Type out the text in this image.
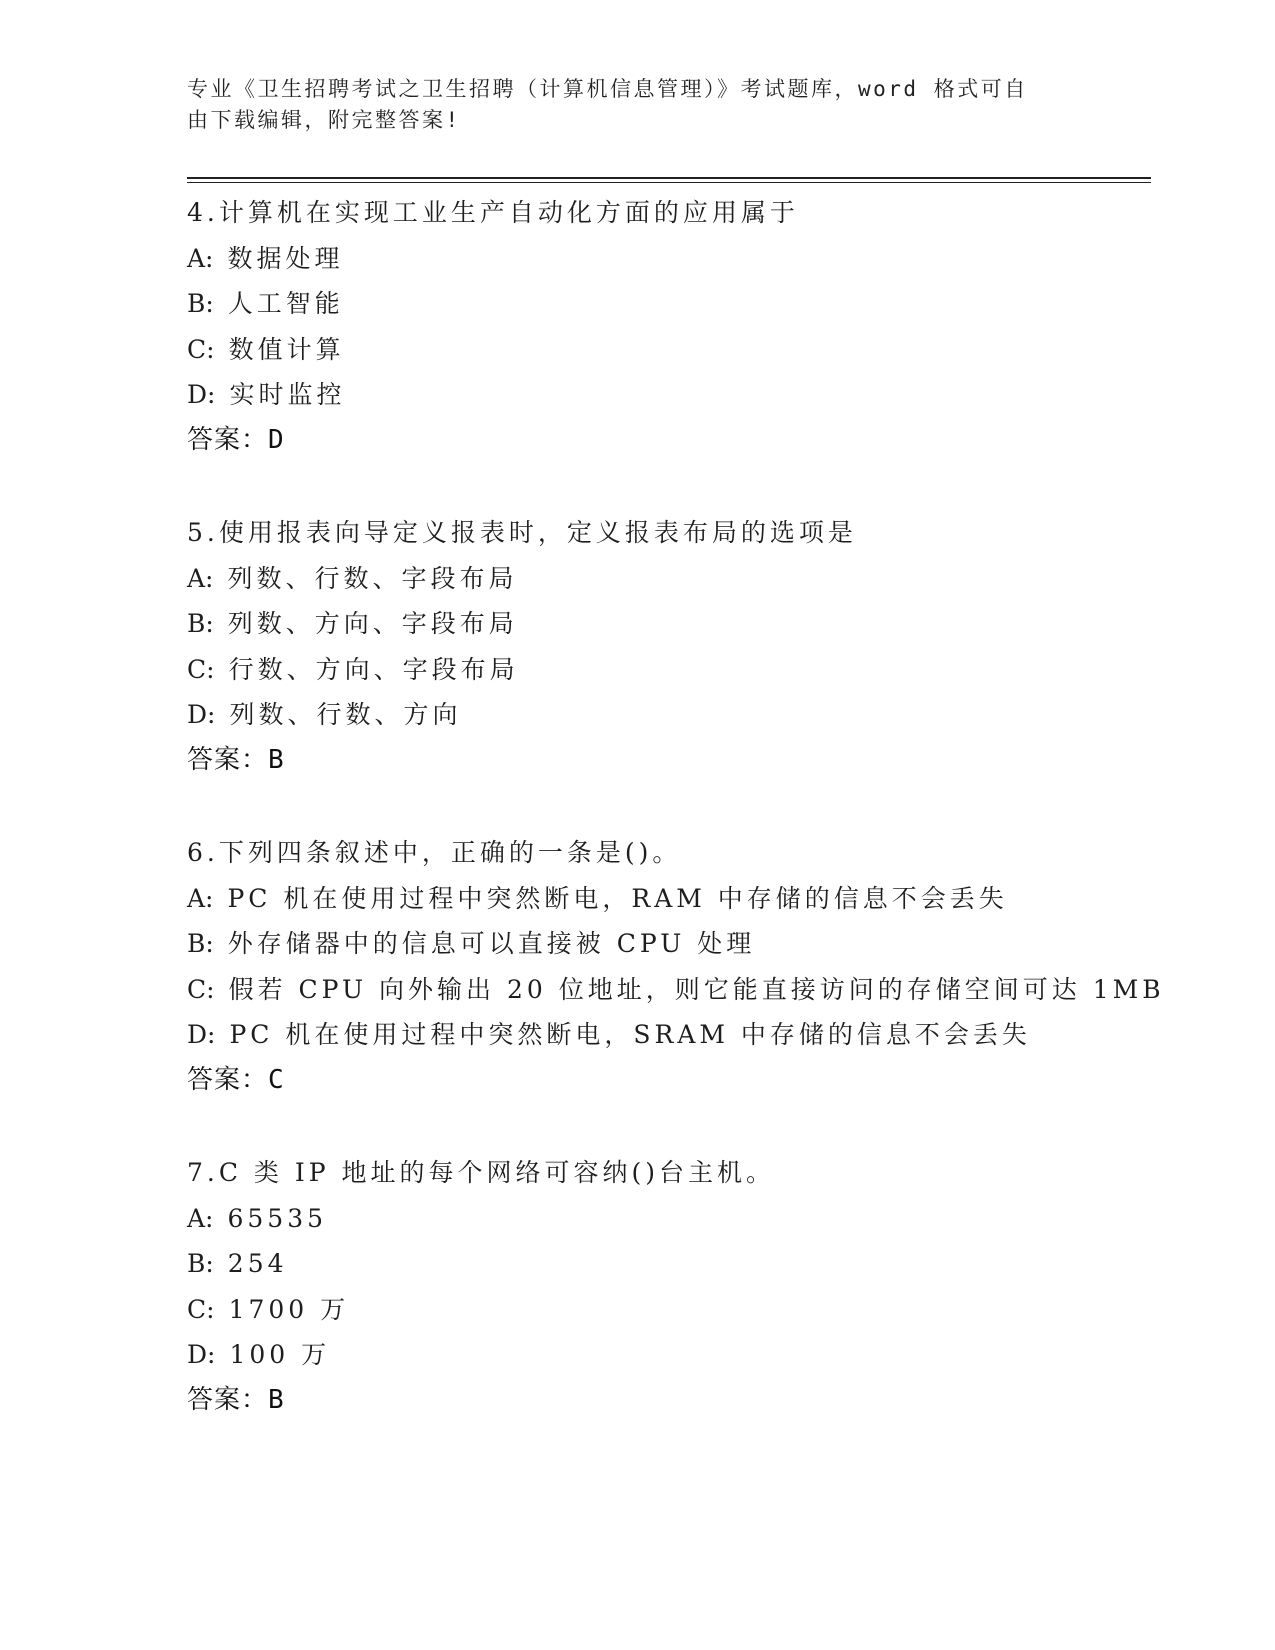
专业《卫生招聘考试之卫生招聘（计算机信息管理）》考试题库，word 格式可自
由下载编辑，附完整答案!
4.计算机在实现工业生产自动化方面的应用属于
A: 数据处理
B: 人工智能
C: 数值计算
D: 实时监控
答案：D
5.使用报表向导定义报表时，定义报表布局的选项是
A: 列数、行数、字段布局
B: 列数、方向、字段布局
C: 行数、方向、字段布局
D: 列数、行数、方向
答案：B
6.下列四条叙述中，正确的一条是()。
A: PC 机在使用过程中突然断电，RAM 中存储的信息不会丢失
B: 外存储器中的信息可以直接被 CPU 处理
C: 假若 CPU 向外输出 20 位地址，则它能直接访问的存储空间可达 1MB
D: PC 机在使用过程中突然断电，SRAM 中存储的信息不会丢失
答案：C
7.C 类 IP 地址的每个网络可容纳()台主机。
A: 65535
B: 254
C: 1700 万
D: 100 万
答案：B
